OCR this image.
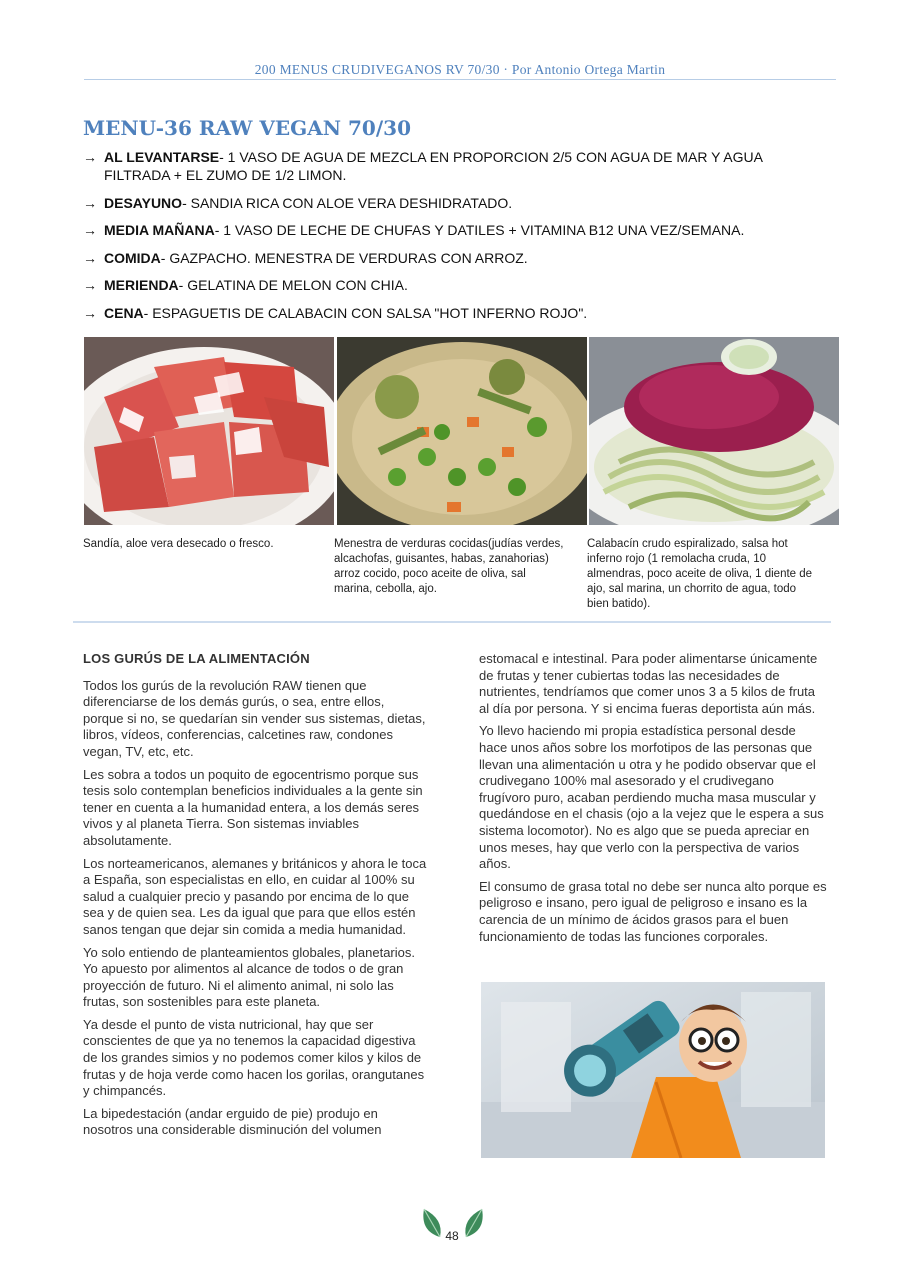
200 MENUS CRUDIVEGANOS RV 70/30 · Por Antonio Ortega Martin
MENU-36 RAW VEGAN 70/30
→ AL LEVANTARSE- 1 VASO DE AGUA DE MEZCLA EN PROPORCION 2/5 CON AGUA DE MAR Y AGUA FILTRADA + EL ZUMO DE 1/2 LIMON.
→ DESAYUNO- SANDIA RICA CON ALOE VERA DESHIDRATADO.
→ MEDIA MAÑANA- 1 VASO DE LECHE DE CHUFAS Y DATILES + VITAMINA B12 UNA VEZ/SEMANA.
→ COMIDA- GAZPACHO. MENESTRA DE VERDURAS CON ARROZ.
→ MERIENDA- GELATINA DE MELON CON CHIA.
→ CENA- ESPAGUETIS DE CALABACIN CON SALSA "HOT INFERNO ROJO".
Sandía, aloe vera desecado o fresco.	Menestra de verduras cocidas(judías verdes, alcachofas, guisantes, habas, zanahorias) arroz cocido, poco aceite de oliva, sal marina, cebolla, ajo.
Calabacín crudo espiralizado, salsa hot inferno rojo (1 remolacha cruda, 10 almendras, poco aceite de oliva, 1 diente de ajo, sal marina, un chorrito de agua, todo bien batido).
LOS GURÚS DE LA ALIMENTACIÓN

Todos los gurús de la revolución RAW tienen que diferenciarse de los demás gurús, o sea, entre ellos, porque si no, se quedarían sin vender sus sistemas, dietas, libros, vídeos, conferencias, calcetines raw, condones vegan, TV, etc, etc.

Les sobra a todos un poquito de egocentrismo porque sus tesis solo contemplan beneficios individuales a la gente sin tener en cuenta a la humanidad entera, a los demás seres vivos y al planeta Tierra. Son sistemas inviables absolutamente.

Los norteamericanos, alemanes y británicos y ahora le toca a España, son especialistas en ello, en cuidar al 100% su salud a cualquier precio y pasando por encima de lo que sea y de quien sea. Les da igual que para que ellos estén sanos tengan que dejar sin comida a media humanidad.

Yo solo entiendo de planteamientos globales, planetarios. Yo apuesto por alimentos al alcance de todos o de gran proyección de futuro. Ni el alimento animal, ni solo las frutas, son sostenibles para este planeta.

Ya desde el punto de vista nutricional, hay que ser conscientes de que ya no tenemos la capacidad digestiva de los grandes simios y no podemos comer kilos y kilos de frutas y de hoja verde como hacen los gorilas, orangutanes y chimpancés.

La bipedestación (andar erguido de pie) produjo en nosotros una considerable disminución del volumen

estomacal e intestinal. Para poder alimentarse únicamente de frutas y tener cubiertas todas las necesidades de nutrientes, tendríamos que comer unos 3 a 5 kilos de fruta al día por persona. Y si encima fueras deportista aún más.

Yo llevo haciendo mi propia estadística personal desde hace unos años sobre los morfotipos de las personas que llevan una alimentación u otra y he podido observar que el crudivegano 100% mal asesorado y el crudivegano frugívoro puro, acaban perdiendo mucha masa muscular y quedándose en el chasis (ojo a la vejez que le espera a sus sistema locomotor). No es algo que se pueda apreciar en unos meses, hay que verlo con la perspectiva de varios años.

El consumo de grasa total no debe ser nunca alto porque es peligroso e insano, pero igual de peligroso e insano es la carencia de un mínimo de ácidos grasos para el buen funcionamiento de todas las funciones corporales.

48
